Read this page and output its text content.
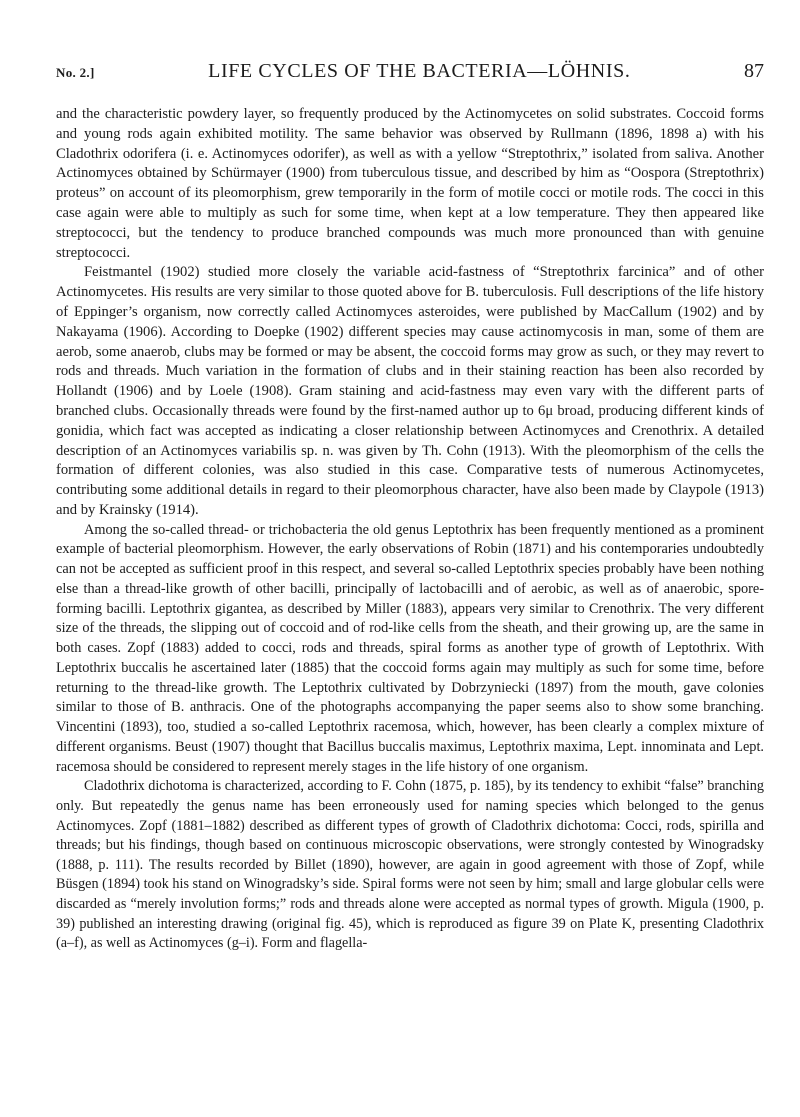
No. 2.]	LIFE CYCLES OF THE BACTERIA—LÖHNIS.	87

and the characteristic powdery layer, so frequently produced by the Actinomycetes on solid substrates. Coccoid forms and young rods again exhibited motility. The same behavior was observed by Rullmann (1896, 1898 a) with his Cladothrix odorifera (i. e. Actinomyces odorifer), as well as with a yellow “Streptothrix,” isolated from saliva. Another Actinomyces obtained by Schürmayer (1900) from tuberculous tissue, and described by him as “Oospora (Streptothrix) proteus” on account of its pleomorphism, grew temporarily in the form of motile cocci or motile rods. The cocci in this case again were able to multiply as such for some time, when kept at a low temperature. They then appeared like streptococci, but the tendency to produce branched compounds was much more pronounced than with genuine streptococci.

Feistmantel (1902) studied more closely the variable acid-fastness of “Streptothrix farcinica” and of other Actinomycetes. His results are very similar to those quoted above for B. tuberculosis. Full descriptions of the life history of Eppinger’s organism, now correctly called Actinomyces asteroides, were published by MacCallum (1902) and by Nakayama (1906). According to Doepke (1902) different species may cause actinomycosis in man, some of them are aerob, some anaerob, clubs may be formed or may be absent, the coccoid forms may grow as such, or they may revert to rods and threads. Much variation in the formation of clubs and in their staining reaction has been also recorded by Hollandt (1906) and by Loele (1908). Gram staining and acid-fastness may even vary with the different parts of branched clubs. Occasionally threads were found by the first-named author up to 6μ broad, producing different kinds of gonidia, which fact was accepted as indicating a closer relationship between Actinomyces and Crenothrix. A detailed description of an Actinomyces variabilis sp. n. was given by Th. Cohn (1913). With the pleomorphism of the cells the formation of different colonies, was also studied in this case. Comparative tests of numerous Actinomycetes, contributing some additional details in regard to their pleomorphous character, have also been made by Claypole (1913) and by Krainsky (1914).

Among the so-called thread- or trichobacteria the old genus Leptothrix has been frequently mentioned as a prominent example of bacterial pleomorphism. However, the early observations of Robin (1871) and his contemporaries undoubtedly can not be accepted as sufficient proof in this respect, and several so-called Leptothrix species probably have been nothing else than a thread-like growth of other bacilli, principally of lactobacilli and of aerobic, as well as of anaerobic, spore-forming bacilli. Leptothrix gigantea, as described by Miller (1883), appears very similar to Crenothrix. The very different size of the threads, the slipping out of coccoid and of rod-like cells from the sheath, and their growing up, are the same in both cases. Zopf (1883) added to cocci, rods and threads, spiral forms as another type of growth of Leptothrix. With Leptothrix buccalis he ascertained later (1885) that the coccoid forms again may multiply as such for some time, before returning to the thread-like growth. The Leptothrix cultivated by Dobrzyniecki (1897) from the mouth, gave colonies similar to those of B. anthracis. One of the photographs accompanying the paper seems also to show some branching. Vincentini (1893), too, studied a so-called Leptothrix racemosa, which, however, has been clearly a complex mixture of different organisms. Beust (1907) thought that Bacillus buccalis maximus, Leptothrix maxima, Lept. innominata and Lept. racemosa should be considered to represent merely stages in the life history of one organism.

Cladothrix dichotoma is characterized, according to F. Cohn (1875, p. 185), by its tendency to exhibit “false” branching only. But repeatedly the genus name has been erroneously used for naming species which belonged to the genus Actinomyces. Zopf (1881–1882) described as different types of growth of Cladothrix dichotoma: Cocci, rods, spirilla and threads; but his findings, though based on continuous microscopic observations, were strongly contested by Winogradsky (1888, p. 111). The results recorded by Billet (1890), however, are again in good agreement with those of Zopf, while Büsgen (1894) took his stand on Winogradsky’s side. Spiral forms were not seen by him; small and large globular cells were discarded as “merely involution forms;” rods and threads alone were accepted as normal types of growth. Migula (1900, p. 39) published an interesting drawing (original fig. 45), which is reproduced as figure 39 on Plate K, presenting Cladothrix (a–f), as well as Actinomyces (g–i). Form and flagella-
